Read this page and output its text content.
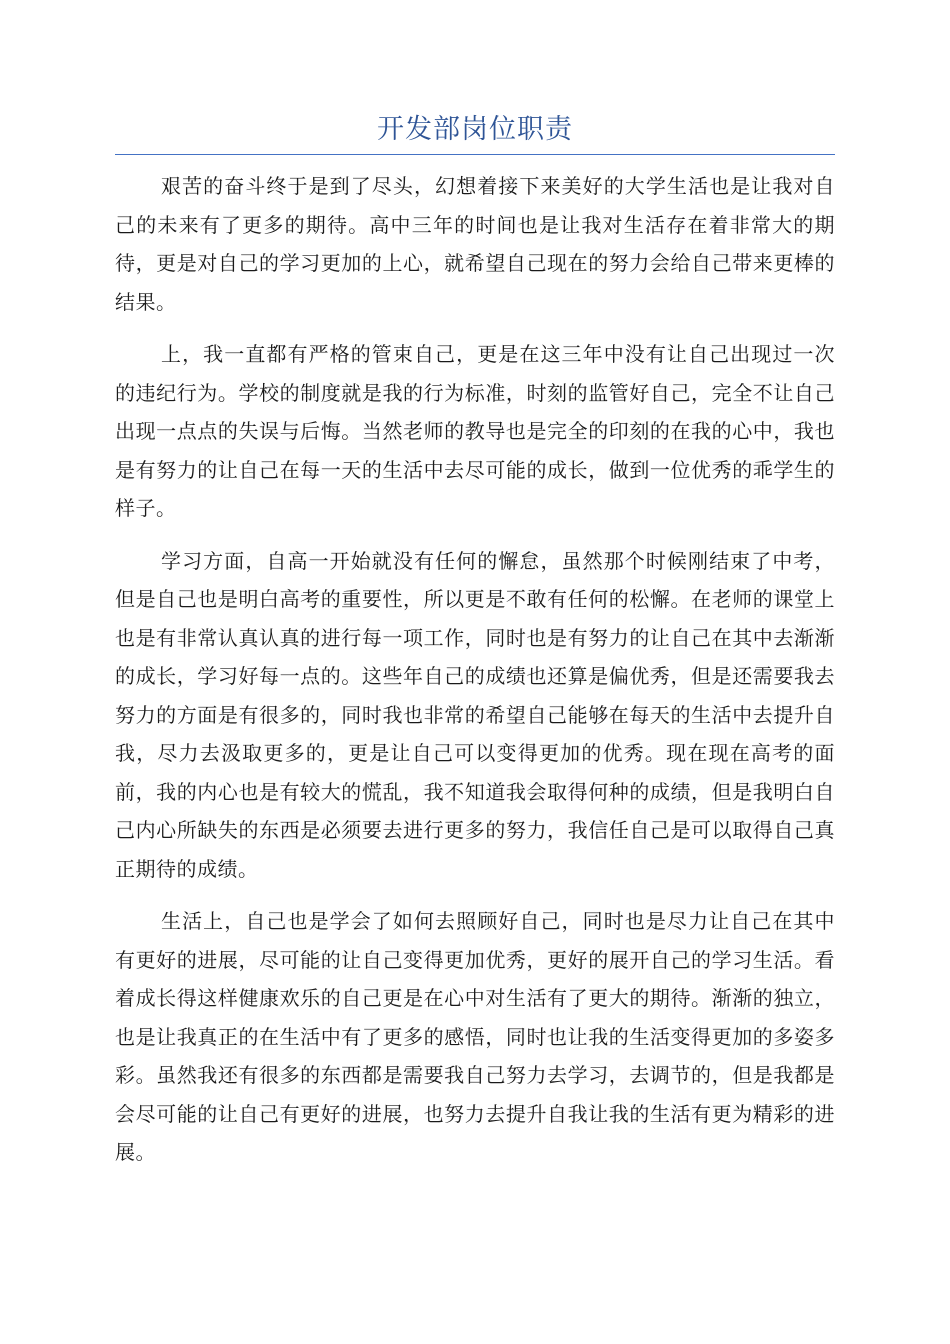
开发部岗位职责

艰苦的奋斗终于是到了尽头，幻想着接下来美好的大学生活也是让我对自己的未来有了更多的期待。高中三年的时间也是让我对生活存在着非常大的期待，更是对自己的学习更加的上心，就希望自己现在的努力会给自己带来更棒的结果。

上，我一直都有严格的管束自己，更是在这三年中没有让自己出现过一次的违纪行为。学校的制度就是我的行为标准，时刻的监管好自己，完全不让自己出现一点点的失误与后悔。当然老师的教导也是完全的印刻的在我的心中，我也是有努力的让自己在每一天的生活中去尽可能的成长，做到一位优秀的乖学生的样子。

学习方面，自高一开始就没有任何的懈怠，虽然那个时候刚结束了中考，但是自己也是明白高考的重要性，所以更是不敢有任何的松懈。在老师的课堂上也是有非常认真认真的进行每一项工作，同时也是有努力的让自己在其中去渐渐的成长，学习好每一点的。这些年自己的成绩也还算是偏优秀，但是还需要我去努力的方面是有很多的，同时我也非常的希望自己能够在每天的生活中去提升自我，尽力去汲取更多的，更是让自己可以变得更加的优秀。现在现在高考的面前，我的内心也是有较大的慌乱，我不知道我会取得何种的成绩，但是我明白自己内心所缺失的东西是必须要去进行更多的努力，我信任自己是可以取得自己真正期待的成绩。

生活上，自己也是学会了如何去照顾好自己，同时也是尽力让自己在其中有更好的进展，尽可能的让自己变得更加优秀，更好的展开自己的学习生活。看着成长得这样健康欢乐的自己更是在心中对生活有了更大的期待。渐渐的独立，也是让我真正的在生活中有了更多的感悟，同时也让我的生活变得更加的多姿多彩。虽然我还有很多的东西都是需要我自己努力去学习，去调节的，但是我都是会尽可能的让自己有更好的进展，也努力去提升自我让我的生活有更为精彩的进展。
